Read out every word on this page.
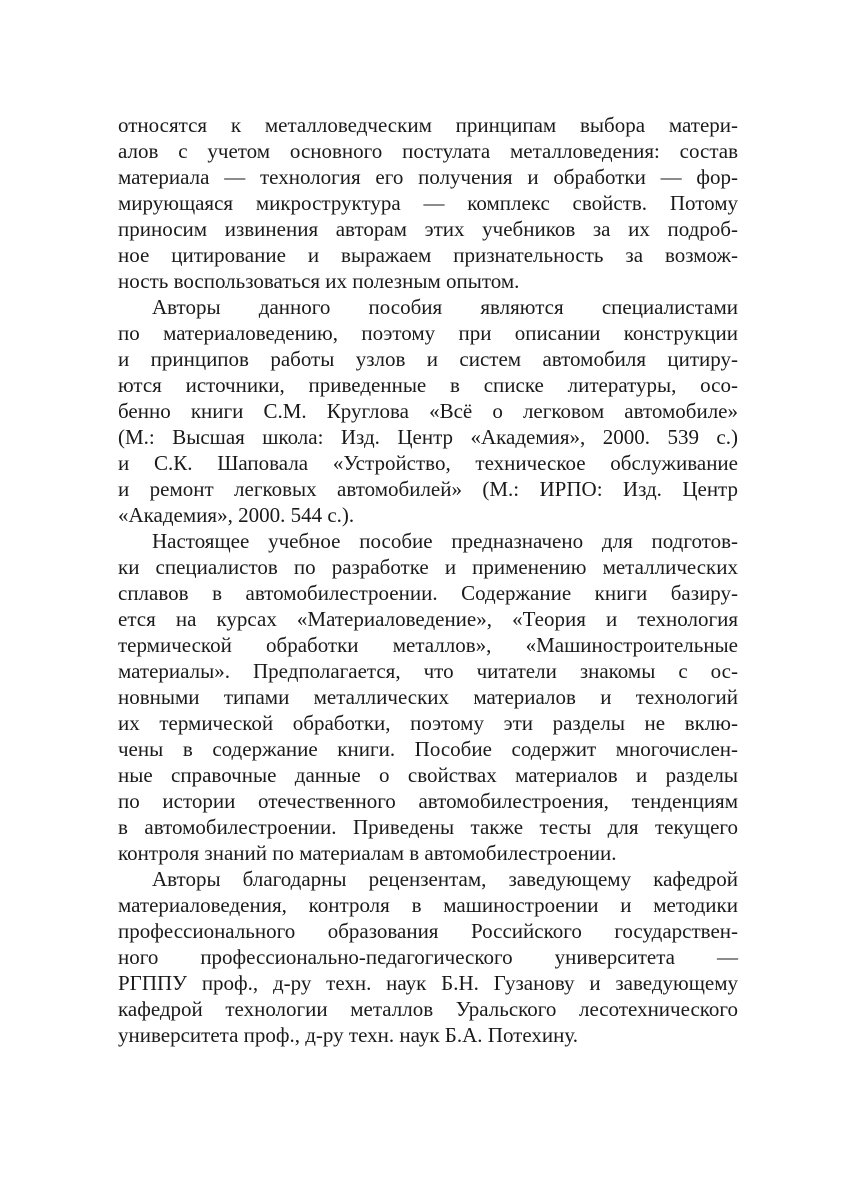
относятся к металловедческим принципам выбора матери-
алов с учетом основного постулата металловедения: состав
материала — технология его получения и обработки — фор-
мирующаяся микроструктура — комплекс свойств. Потому
приносим извинения авторам этих учебников за их подроб-
ное цитирование и выражаем признательность за возмож-
ность воспользоваться их полезным опытом.
Авторы данного пособия являются специалистами
по материаловедению, поэтому при описании конструкции
и принципов работы узлов и систем автомобиля цитиру-
ются источники, приведенные в списке литературы, осо-
бенно книги С.М. Круглова «Всё о легковом автомобиле»
(М.: Высшая школа: Изд. Центр «Академия», 2000. 539 с.)
и С.К. Шаповала «Устройство, техническое обслуживание
и ремонт легковых автомобилей» (М.: ИРПО: Изд. Центр
«Академия», 2000. 544 с.).
Настоящее учебное пособие предназначено для подготов-
ки специалистов по разработке и применению металлических
сплавов в автомобилестроении. Содержание книги базиру-
ется на курсах «Материаловедение», «Теория и технология
термической обработки металлов», «Машиностроительные
материалы». Предполагается, что читатели знакомы с ос-
новными типами металлических материалов и технологий
их термической обработки, поэтому эти разделы не вклю-
чены в содержание книги. Пособие содержит многочислен-
ные справочные данные о свойствах материалов и разделы
по истории отечественного автомобилестроения, тенденциям
в автомобилестроении. Приведены также тесты для текущего
контроля знаний по материалам в автомобилестроении.
Авторы благодарны рецензентам, заведующему кафедрой
материаловедения, контроля в машиностроении и методики
профессионального образования Российского государствен-
ного профессионально-педагогического университета —
РГППУ проф., д-ру техн. наук Б.Н. Гузанову и заведующему
кафедрой технологии металлов Уральского лесотехнического
университета проф., д-ру техн. наук Б.А. Потехину.
